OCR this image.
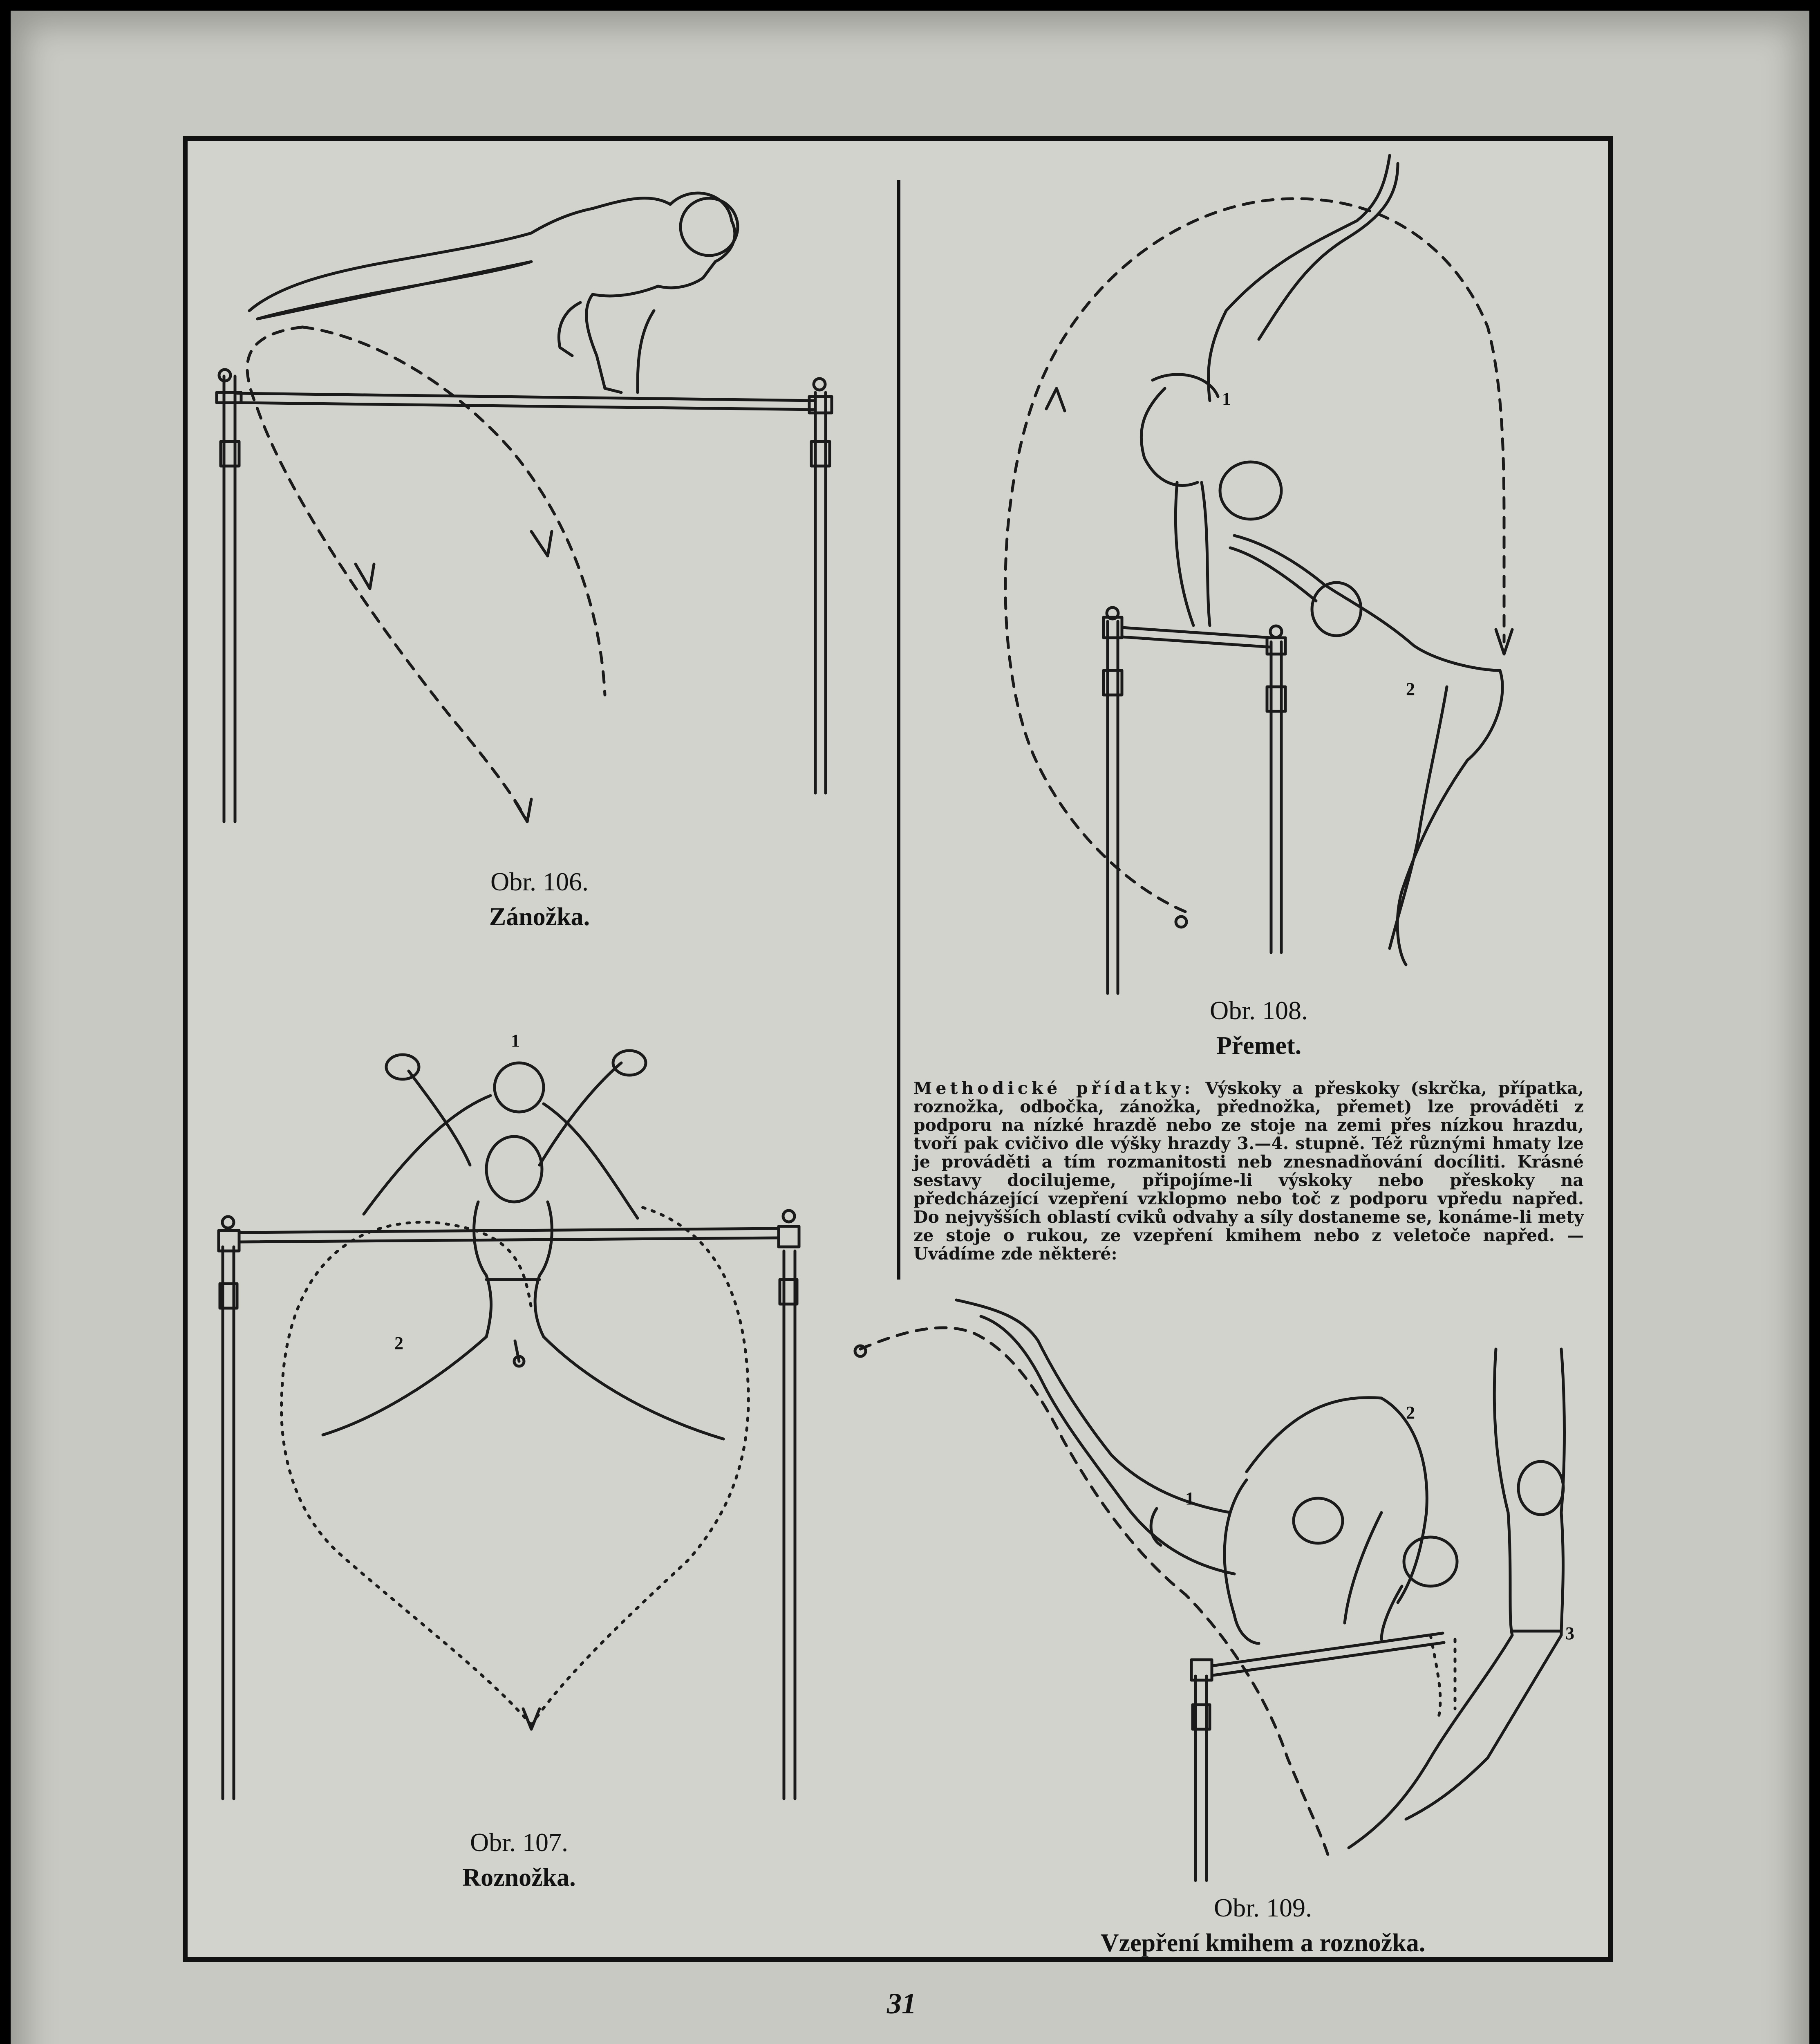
1
2
1
2
1
2
3
Obr. 106.
Zánožka.
Obr. 108.
Přemet.
Obr. 107.
Roznožka.
Obr. 109.
Vzepření kmihem a roznožka.
Methodické přídatky: Výskoky a přeskoky (skrčka, přípatka, roznožka, odbočka, zánožka, přednožka, přemet) lze prováděti z podporu na nízké hrazdě nebo ze stoje na zemi přes nízkou hrazdu, tvoří pak cvičivo dle výšky hrazdy 3.—4. stupně. Též různými hmaty lze je prováděti a tím rozmanitosti neb znesnadňování docíliti. Krásné sestavy docilujeme, připojíme-li výskoky nebo přeskoky na předcházející vzepření vzklopmo nebo toč z podporu vpředu napřed. Do nejvyšších oblastí cviků odvahy a síly dostaneme se, konáme-li mety ze stoje o rukou, ze vzepření kmihem nebo z veletoče napřed. — Uvádíme zde některé:
31
